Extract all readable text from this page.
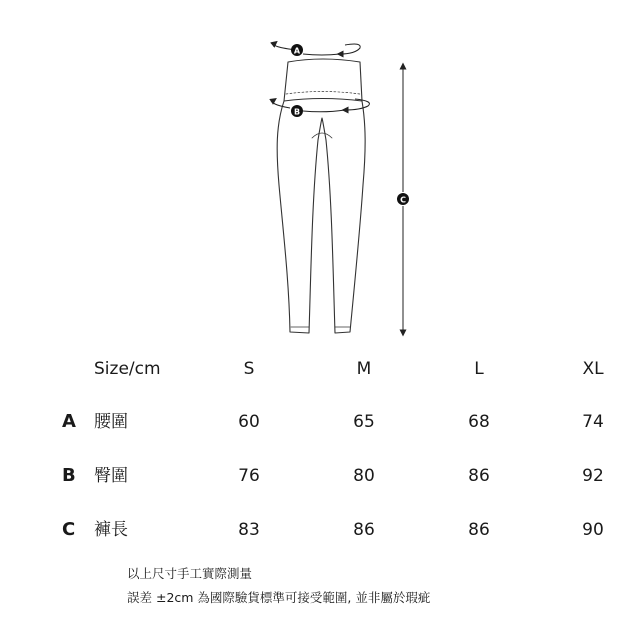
A
B
C
Size/cm	S	M	L	XL
A 腰圍	60	65	68	74
B 臀圍	76	80	86	92
C 褲長	83	86	86	90
以上尺寸手工實際測量
誤差 ±2cm 為國際驗貨標準可接受範圍, 並非屬於瑕疵
